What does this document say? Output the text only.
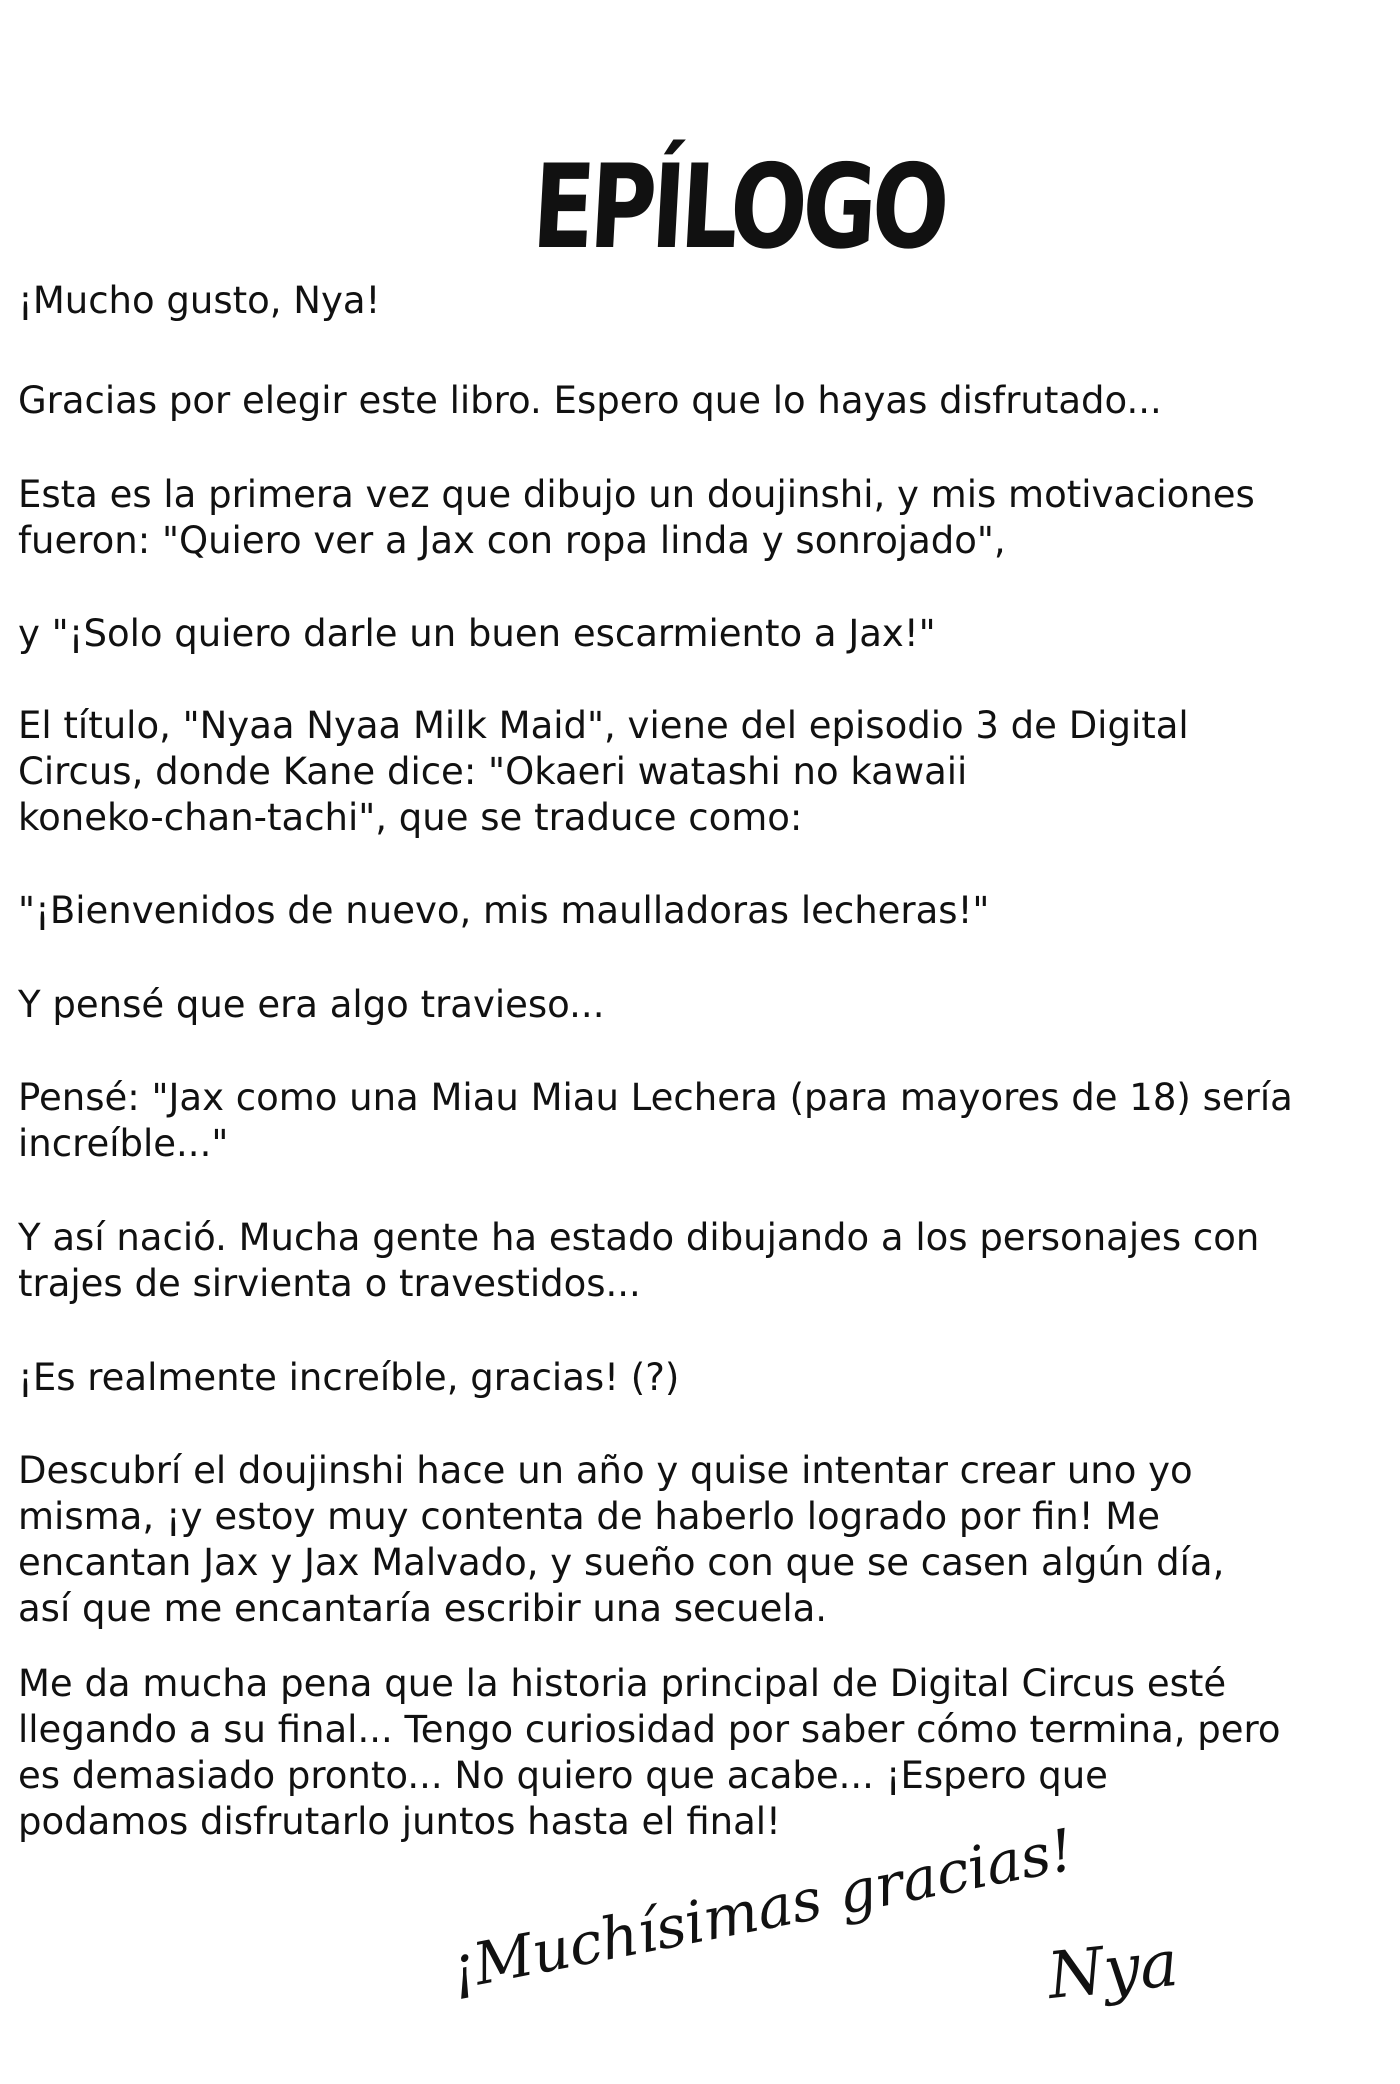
EPÍLOGO

¡Mucho gusto, Nya!

Gracias por elegir este libro. Espero que lo hayas disfrutado...

Esta es la primera vez que dibujo un doujinshi, y mis motivaciones
fueron: "Quiero ver a Jax con ropa linda y sonrojado",

y "¡Solo quiero darle un buen escarmiento a Jax!"

El título, "Nyaa Nyaa Milk Maid", viene del episodio 3 de Digital
Circus, donde Kane dice: "Okaeri watashi no kawaii
koneko-chan-tachi", que se traduce como:

"¡Bienvenidos de nuevo, mis maulladoras lecheras!"

Y pensé que era algo travieso...

Pensé: "Jax como una Miau Miau Lechera (para mayores de 18) sería
increíble..."

Y así nació. Mucha gente ha estado dibujando a los personajes con
trajes de sirvienta o travestidos...

¡Es realmente increíble, gracias! (?)

Descubrí el doujinshi hace un año y quise intentar crear uno yo
misma, ¡y estoy muy contenta de haberlo logrado por fin! Me
encantan Jax y Jax Malvado, y sueño con que se casen algún día,
así que me encantaría escribir una secuela.

Me da mucha pena que la historia principal de Digital Circus esté
llegando a su final... Tengo curiosidad por saber cómo termina, pero
es demasiado pronto... No quiero que acabe... ¡Espero que
podamos disfrutarlo juntos hasta el final!

¡Muchísimas gracias!
Nya
